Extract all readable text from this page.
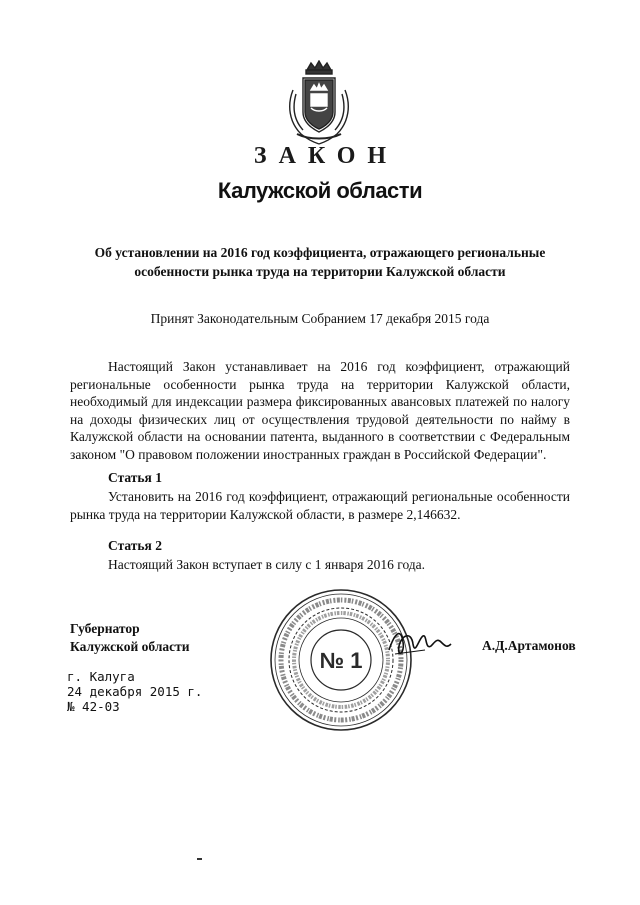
ЗАКОН
Калужской области
Об установлении на 2016 год коэффициента, отражающего региональные
особенности рынка труда на территории Калужской области
Принят Законодательным Собранием 17 декабря 2015 года

Настоящий Закон устанавливает на 2016 год коэффициент, отражающий региональные особенности рынка труда на территории Калужской области, необходимый для индексации размера фиксированных авансовых платежей по налогу на доходы физических лиц от осуществления трудовой деятельности по найму в Калужской области на основании патента, выданного в соответствии с Федеральным законом "О правовом положении иностранных граждан в Российской Федерации".

Статья 1

Установить на 2016 год коэффициент, отражающий региональные особенности рынка труда на территории Калужской области, в размере 2,146632.

Статья 2

Настоящий Закон вступает в силу с 1 января 2016 года.

Губернатор
Калужской области
№ 1
А.Д.Артамонов
г. Калуга
24 декабря 2015 г.
№ 42-03
